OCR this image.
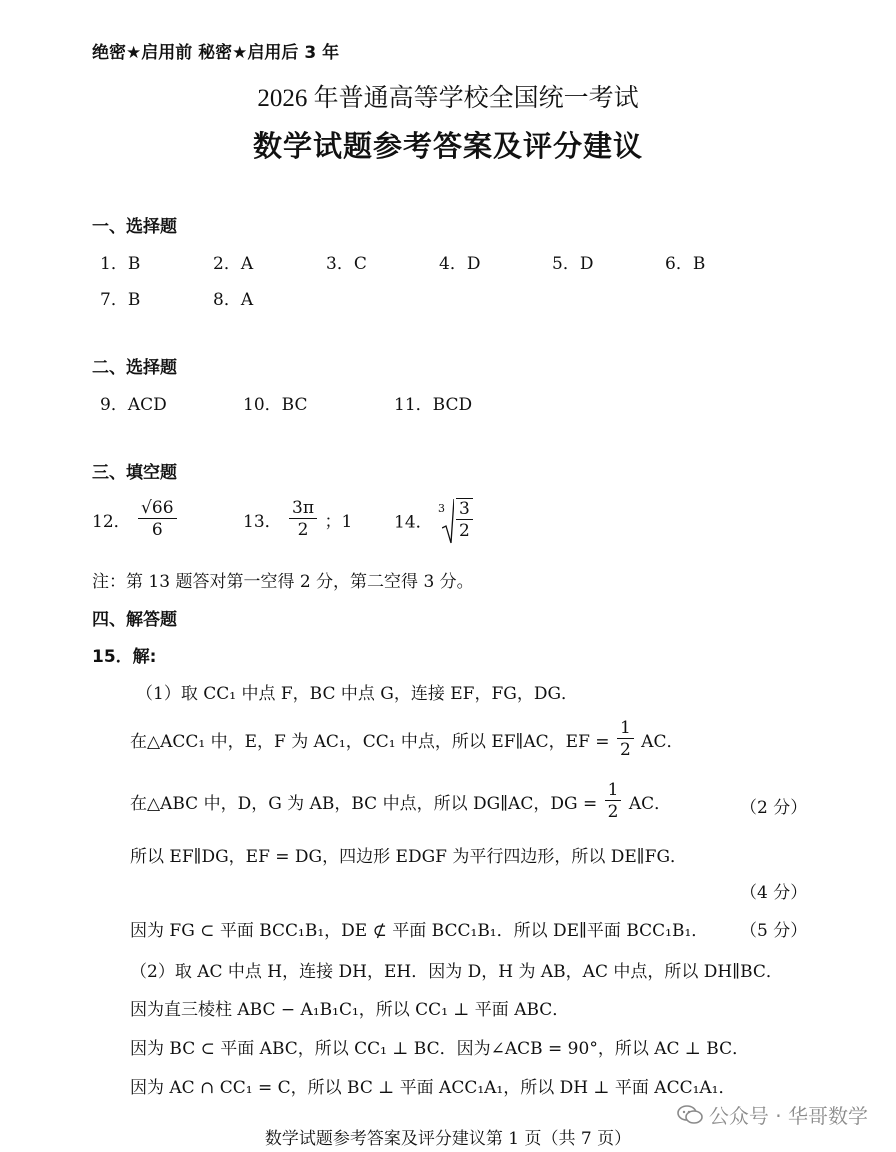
绝密★启用前 秘密★启用后 3 年
2026 年普通高等学校全国统一考试
数学试题参考答案及评分建议
一、选择题
1．B	2．A	3．C	4．D	5．D	6．B
7．B	8．A
二、选择题
9．ACD	10．BC	11．BCD
三、填空题
12． $\frac{√66}{6}$	13． $\frac{3\pi}{2}$ ；1 14．
$3 \frac{3}{2}$
注：第 13 题答对第一空得 2 分，第二空得 3 分。
四、解答题
15．解:
（1）取 CC₁ 中点 F，BC 中点 G，连接 EF，FG，DG．
在△ACC₁ 中，E，F 为 AC₁，CC₁ 中点，所以 EF∥AC，EF = $\frac{1}{2}$ AC．
在△ABC 中，D，G 为 AB，BC 中点，所以 DG∥AC，DG = $\frac{1}{2}$ AC．	（2 分）
所以 EF∥DG，EF = DG，四边形 EDGF 为平行四边形，所以 DE∥FG．
（4 分）
因为 FG ⊂ 平面 BCC₁B₁，DE ⊄ 平面 BCC₁B₁．所以 DE∥平面 BCC₁B₁． （5 分）
（2）取 AC 中点 H，连接 DH，EH．因为 D，H 为 AB，AC 中点，所以 DH∥BC．
因为直三棱柱 ABC − A₁B₁C₁，所以 CC₁ ⊥ 平面 ABC．
因为 BC ⊂ 平面 ABC，所以 CC₁ ⊥ BC．因为∠ACB = 90°，所以 AC ⊥ BC．
因为 AC ∩ CC₁ = C，所以 BC ⊥ 平面 ACC₁A₁，所以 DH ⊥ 平面 ACC₁A₁．
公众号 · 华哥数学
数学试题参考答案及评分建议第 1 页（共 7 页）
